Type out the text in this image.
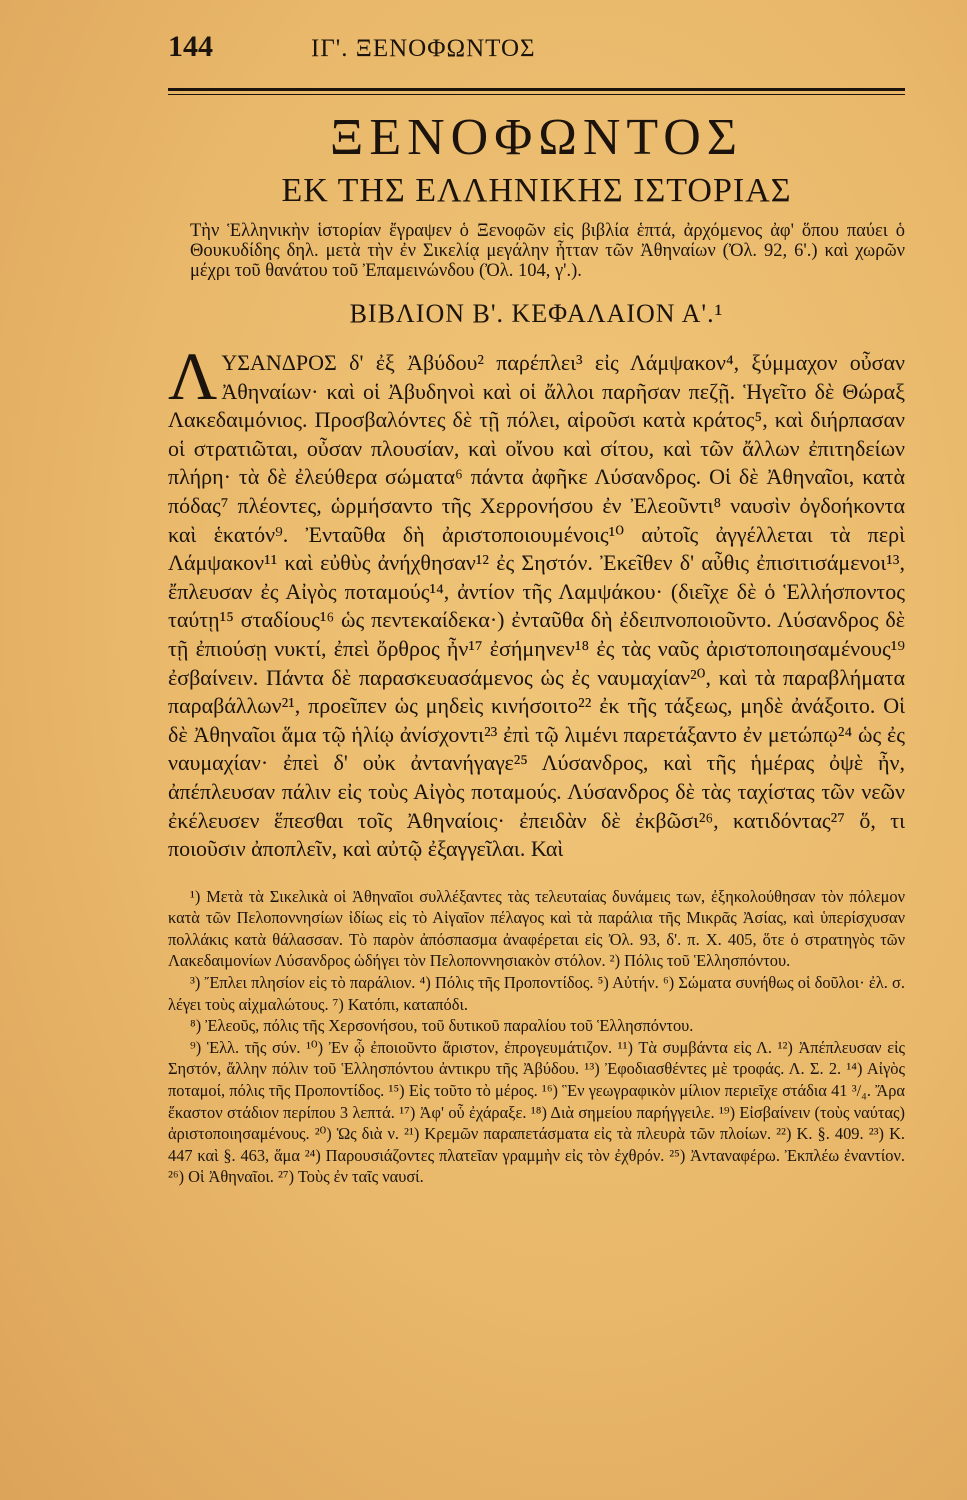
144	ΙΓ'. ΞΕΝΟΦΩΝΤΟΣ
ΞΕΝΟΦΩΝΤΟΣ
ΕΚ ΤΗΣ ΕΛΛΗΝΙΚΗΣ ΙΣΤΟΡΙΑΣ
Τὴν Ἑλληνικὴν ἱστορίαν ἔγραψεν ὁ Ξενοφῶν εἰς βιβλία ἑπτά, ἀρχόμενος ἀφ' ὅπου παύει ὁ Θουκυδίδης δηλ. μετὰ τὴν ἐν Σικελίᾳ μεγάλην ἧτταν τῶν Ἀθηναίων (Ὀλ. 92, 6'.) καὶ χωρῶν μέχρι τοῦ θανάτου τοῦ Ἐπαμεινώνδου (Ὀλ. 104, γ'.).
ΒΙΒΛΙΟΝ Β'. ΚΕΦΑΛΑΙΟΝ Α'.¹
ΛΥΣΑΝΔΡΟΣ δ' ἐξ Ἀβύδου² παρέπλει³ εἰς Λάμψακον⁴, ξύμμαχον οὖσαν Ἀθηναίων· καὶ οἱ Ἀβυδηνοὶ καὶ οἱ ἄλλοι παρῆσαν πεζῇ. Ἡγεῖτο δὲ Θώραξ Λακεδαιμόνιος. Προσβαλόντες δὲ τῇ πόλει, αἱροῦσι κατὰ κράτος⁵, καὶ διήρπασαν οἱ στρατιῶται, οὖσαν πλουσίαν, καὶ οἴνου καὶ σίτου, καὶ τῶν ἄλλων ἐπιτηδείων πλήρη· τὰ δὲ ἐλεύθερα σώματα⁶ πάντα ἀφῆκε Λύσανδρος. Οἱ δὲ Ἀθηναῖοι, κατὰ πόδας⁷ πλέοντες, ὡρμήσαντο τῆς Χερρονήσου ἐν Ἐλεοῦντι⁸ ναυσὶν ὀγδοήκοντα καὶ ἑκατόν⁹. Ἐνταῦθα δὴ ἀριστοποιουμένοις¹⁰ αὐτοῖς ἀγγέλλεται τὰ περὶ Λάμψακον¹¹ καὶ εὐθὺς ἀνήχθησαν¹² ἐς Σηστόν. Ἐκεῖθεν δ' αὖθις ἐπισιτισάμενοι¹³, ἔπλευσαν ἐς Αἰγὸς ποταμούς¹⁴, ἀντίον τῆς Λαμψάκου· (διεῖχε δὲ ὁ Ἑλλήσποντος ταύτῃ¹⁵ σταδίους¹⁶ ὡς πεντεκαίδεκα·) ἐνταῦθα δὴ ἐδειπνοποιοῦντο. Λύσανδρος δὲ τῇ ἐπιούσῃ νυκτί, ἐπεὶ ὄρθρος ἦν¹⁷ ἐσήμηνεν¹⁸ ἐς τὰς ναῦς ἀριστοποιησαμένους¹⁹ ἐσβαίνειν. Πάντα δὲ παρασκευασάμενος ὡς ἐς ναυμαχίαν²⁰, καὶ τὰ παραβλήματα παραβάλλων²¹, προεῖπεν ὡς μηδεὶς κινήσοιτο²² ἐκ τῆς τάξεως, μηδὲ ἀνάξοιτο. Οἱ δὲ Ἀθηναῖοι ἅμα τῷ ἡλίῳ ἀνίσχοντι²³ ἐπὶ τῷ λιμένι παρετάξαντο ἐν μετώπῳ²⁴ ὡς ἐς ναυμαχίαν· ἐπεὶ δ' οὐκ ἀντανήγαγε²⁵ Λύσανδρος, καὶ τῆς ἡμέρας ὀψὲ ἦν, ἀπέπλευσαν πάλιν εἰς τοὺς Αἰγὸς ποταμούς. Λύσανδρος δὲ τὰς ταχίστας τῶν νεῶν ἐκέλευσεν ἕπεσθαι τοῖς Ἀθηναίοις· ἐπειδὰν δὲ ἐκβῶσι²⁶, κατιδόντας²⁷ ὅ, τι ποιοῦσιν ἀποπλεῖν, καὶ αὐτῷ ἐξαγγεῖλαι. Καὶ

¹) Μετὰ τὰ Σικελικὰ οἱ Ἀθηναῖοι συλλέξαντες τὰς τελευταίας δυνάμεις των, ἐξηκολούθησαν τὸν πόλεμον κατὰ τῶν Πελοποννησίων ἰδίως εἰς τὸ Αἰγαῖον πέλαγος καὶ τὰ παράλια τῆς Μικρᾶς Ἀσίας, καὶ ὑπερίσχυσαν πολλάκις κατὰ θάλασσαν. Τὸ παρὸν ἀπόσπασμα ἀναφέρεται εἰς Ὀλ. 93, δ'. π. Χ. 405, ὅτε ὁ στρατηγὸς τῶν Λακεδαιμονίων Λύσανδρος ὡδήγει τὸν Πελοποννησιακὸν στόλον. ²) Πόλις τοῦ Ἑλλησπόντου.

³) Ἔπλει πλησίον εἰς τὸ παράλιον. ⁴) Πόλις τῆς Προποντίδος. ⁵) Αὐτήν. ⁶) Σώματα συνήθως οἱ δοῦλοι· ἐλ. σ. λέγει τοὺς αἰχμαλώτους. ⁷) Κατόπι, καταπόδι.

⁸) Ἐλεοῦς, πόλις τῆς Χερσονήσου, τοῦ δυτικοῦ παραλίου τοῦ Ἑλλησπόντου.

⁹) Ἑλλ. τῆς σύν. ¹⁰) Ἐν ᾧ ἐποιοῦντο ἄριστον, ἐπρογευμάτιζον. ¹¹) Τὰ συμβάντα εἰς Λ. ¹²) Ἀπέπλευσαν εἰς Σηστόν, ἄλλην πόλιν τοῦ Ἑλλησπόντου ἀντικρυ τῆς Ἀβύδου. ¹³) Ἐφοδιασθέντες μὲ τροφάς. Λ. Σ. 2. ¹⁴) Αἰγὸς ποταμοί, πόλις τῆς Προποντίδος. ¹⁵) Εἰς τοῦτο τὸ μέρος. ¹⁶) Ἓν γεωγραφικὸν μίλιον περιεῖχε στάδια 41 ³/₄. Ἄρα ἕκαστον στάδιον περίπου 3 λεπτά. ¹⁷) Ἀφ' οὗ ἐχάραξε. ¹⁸) Διὰ σημείου παρήγγειλε. ¹⁹) Εἰσβαίνειν (τοὺς ναύτας) ἀριστοποιησαμένους. ²⁰) Ὡς διὰ ν. ²¹) Κρεμῶν παραπετάσματα εἰς τὰ πλευρὰ τῶν πλοίων. ²²) Κ. §. 409. ²³) Κ. 447 καὶ §. 463, ἅμα ²⁴) Παρουσιάζοντες πλατεῖαν γραμμὴν εἰς τὸν ἐχθρόν. ²⁵) Ἀνταναφέρω. Ἐκπλέω ἐναντίον. ²⁶) Οἱ Ἀθηναῖοι. ²⁷) Τοὺς ἐν ταῖς ναυσί.
